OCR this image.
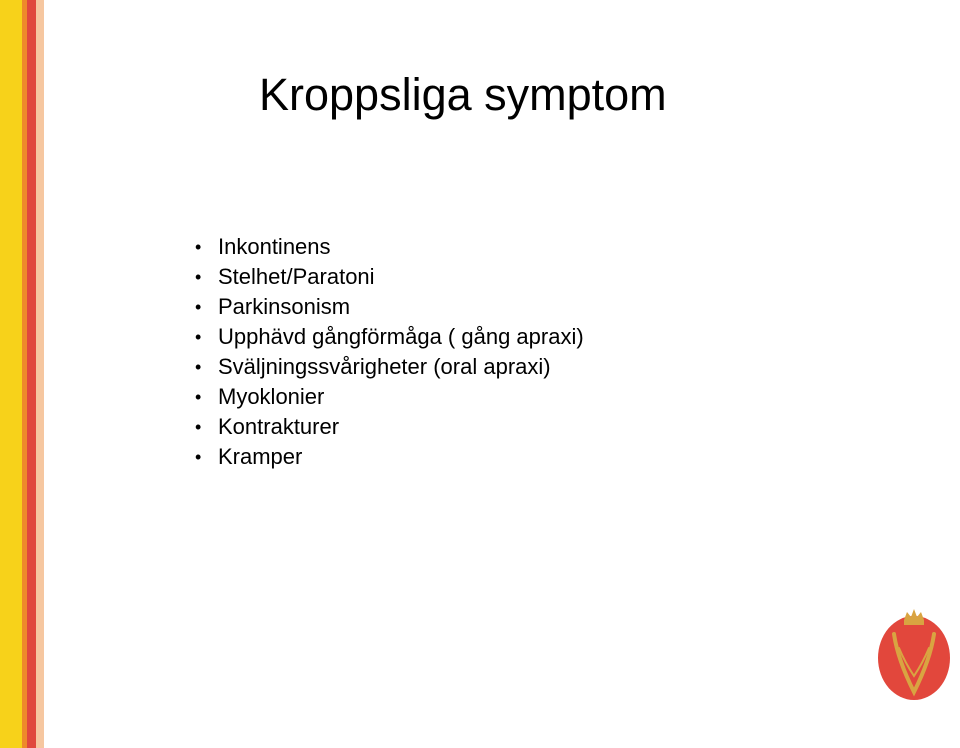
Kroppsliga symptom
• Inkontinens
• Stelhet/Paratoni
• Parkinsonism
• Upphävd gångförmåga ( gång apraxi)
• Sväljningssvårigheter (oral apraxi)
• Myoklonier
• Kontrakturer
• Kramper
